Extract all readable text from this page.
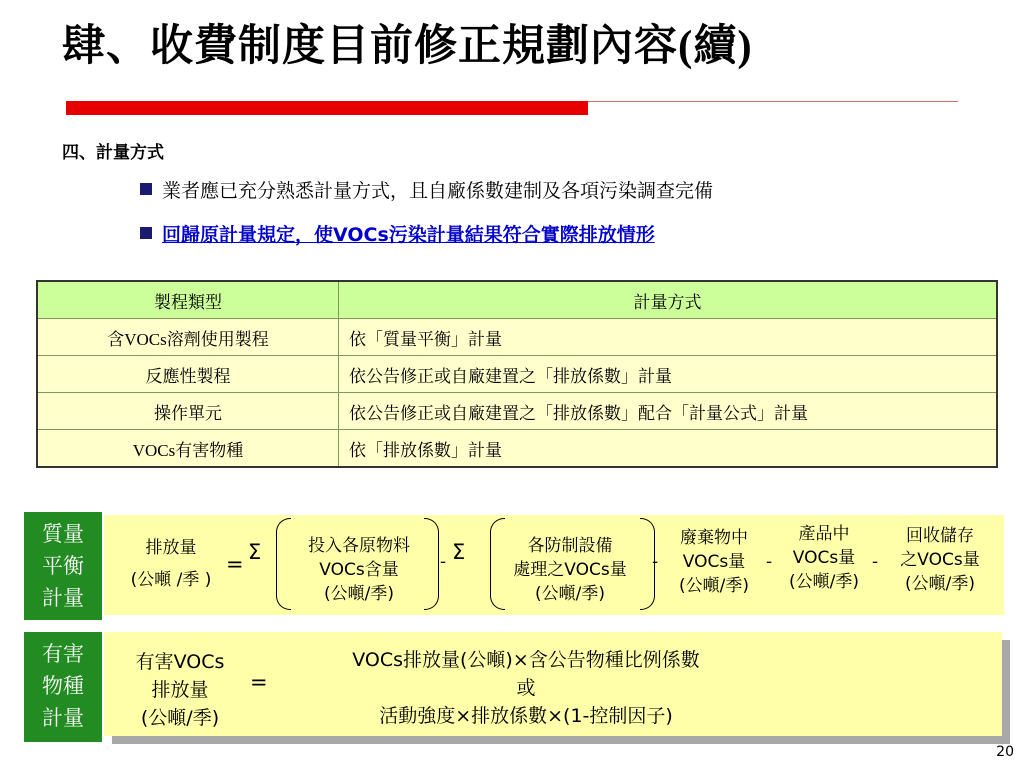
肆、收費制度目前修正規劃內容(續)
四、計量方式
業者應已充分熟悉計量方式，且自廠係數建制及各項污染調查完備
回歸原計量規定，使VOCs污染計量結果符合實際排放情形
製程類型	計量方式
含VOCs溶劑使用製程	依「質量平衡」計量
反應性製程	依公告修正或自廠建置之「排放係數」計量
操作單元	依公告修正或自廠建置之「排放係數」配合「計量公式」計量
VOCs有害物種	依「排放係數」計量
質量
平衡
計量
排放量
(公噸 /季 )
= Σ	投入各原物料
VOCs含量
(公噸/季)
- Σ	各防制設備
處理之VOCs量
(公噸/季)
-
廢棄物中
VOCs量
(公噸/季)
-
產品中
VOCs量
(公噸/季)
-
回收儲存
之VOCs量
(公噸/季)
有害
物種
計量
有害VOCs
排放量
(公噸/季)
=
VOCs排放量(公噸)×含公告物種比例係數
或
活動強度×排放係數×(1-控制因子)
20
